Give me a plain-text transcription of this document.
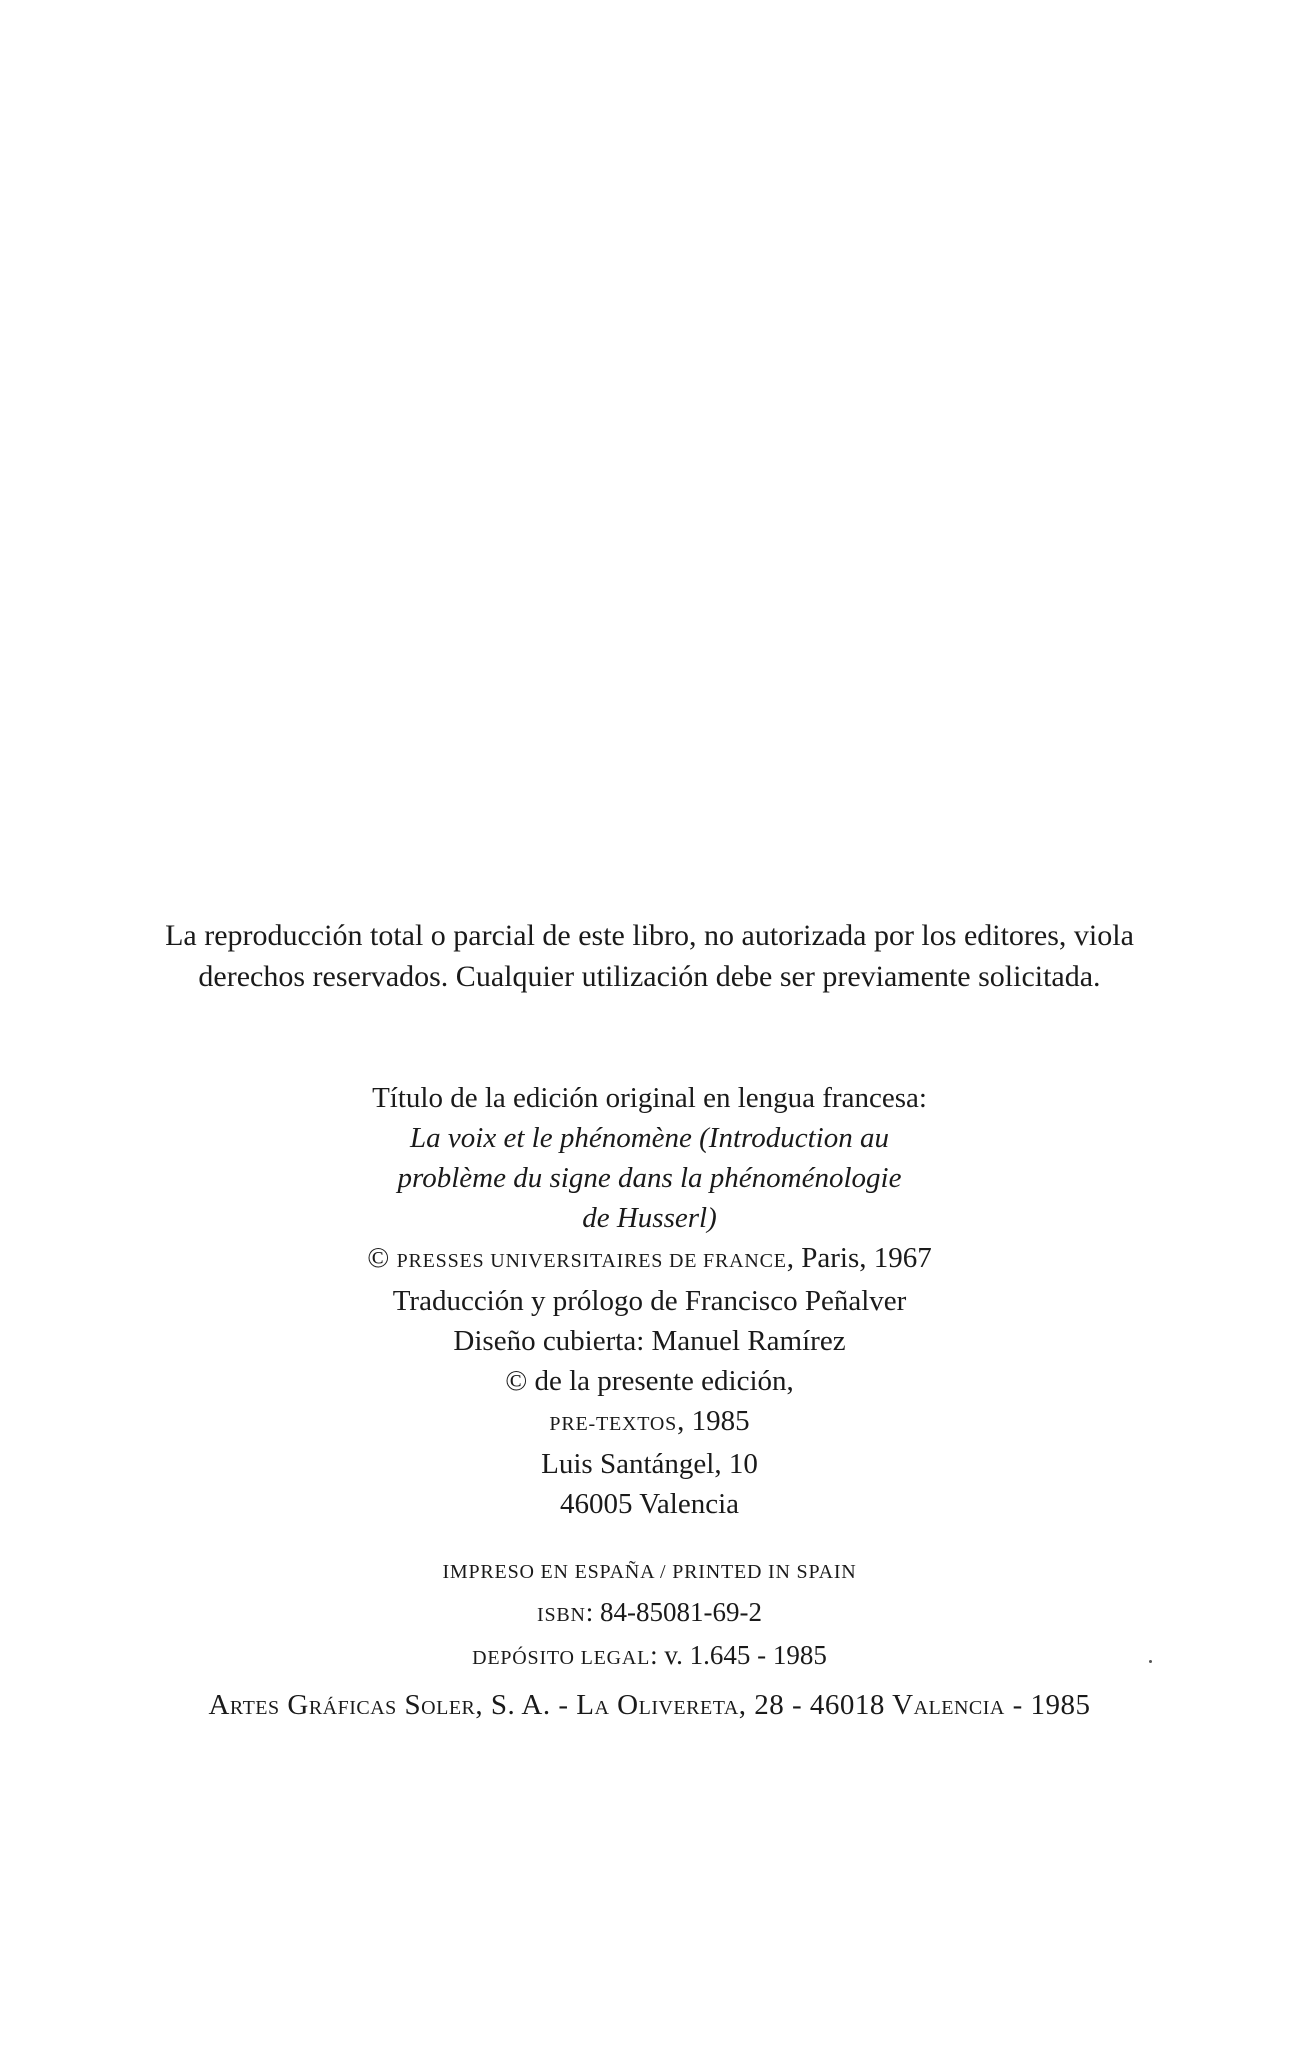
La reproducción total o parcial de este libro, no autorizada por los editores, viola
derechos reservados. Cualquier utilización debe ser previamente solicitada.
Título de la edición original en lengua francesa:
La voix et le phénomène (Introduction au
problème du signe dans la phénoménologie
de Husserl)
© PRESSES UNIVERSITAIRES DE FRANCE, Paris, 1967
Traducción y prólogo de Francisco Peñalver
Diseño cubierta: Manuel Ramírez
© de la presente edición,
PRE-TEXTOS, 1985
Luis Santángel, 10
46005 Valencia
IMPRESO EN ESPAÑA / PRINTED IN SPAIN
ISBN: 84-85081-69-2
DEPÓSITO LEGAL: v. 1.645 - 1985
Artes Gráficas Soler, S. A. - La Olivereta, 28 - 46018 Valencia - 1985
